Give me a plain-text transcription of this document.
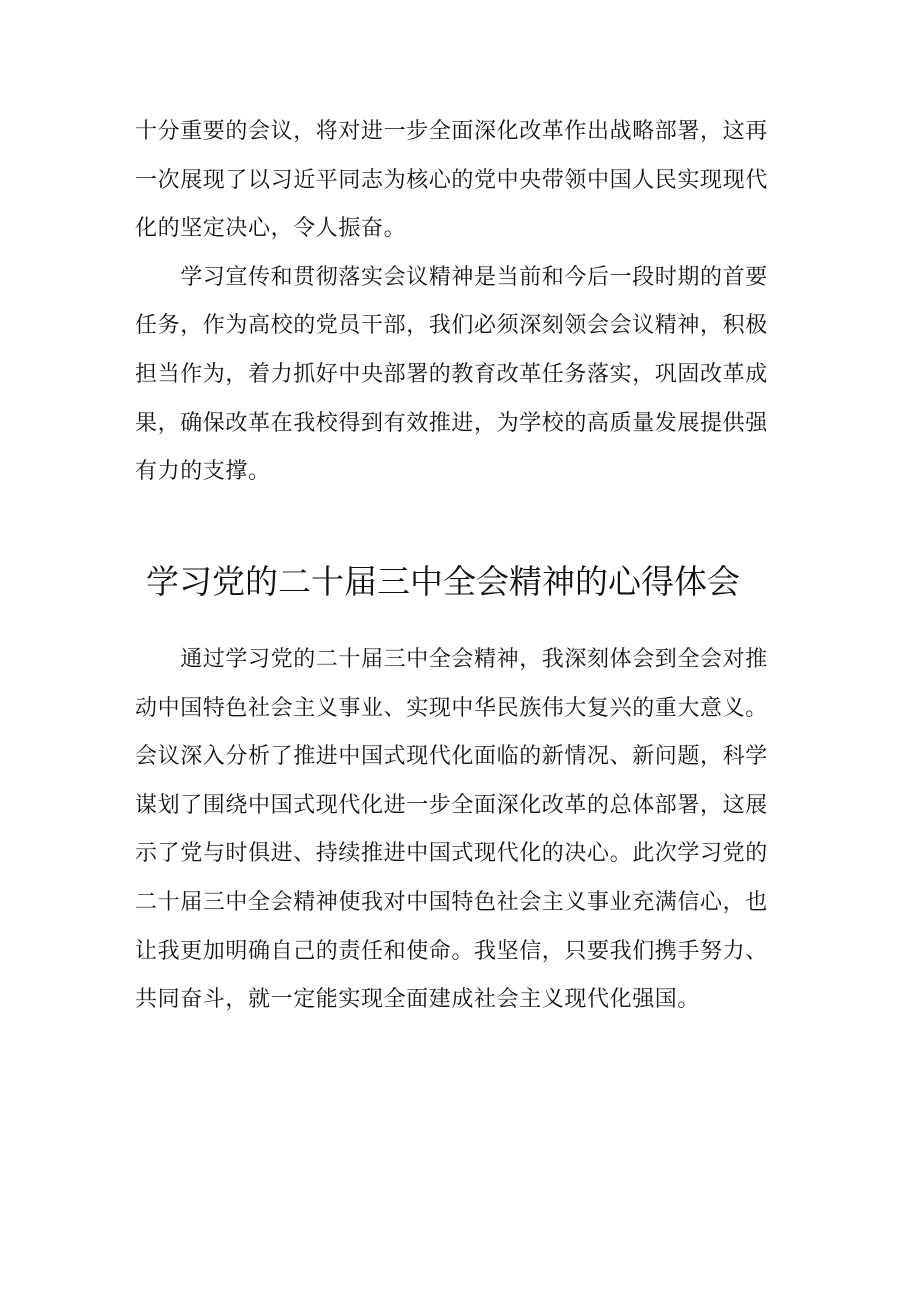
十分重要的会议，将对进一步全面深化改革作出战略部署，这再
一次展现了以习近平同志为核心的党中央带领中国人民实现现代
化的坚定决心，令人振奋。
　　学习宣传和贯彻落实会议精神是当前和今后一段时期的首要
任务，作为高校的党员干部，我们必须深刻领会会议精神，积极
担当作为，着力抓好中央部署的教育改革任务落实，巩固改革成
果，确保改革在我校得到有效推进，为学校的高质量发展提供强
有力的支撑。
学习党的二十届三中全会精神的心得体会
　　通过学习党的二十届三中全会精神，我深刻体会到全会对推
动中国特色社会主义事业、实现中华民族伟大复兴的重大意义。
会议深入分析了推进中国式现代化面临的新情况、新问题，科学
谋划了围绕中国式现代化进一步全面深化改革的总体部署，这展
示了党与时俱进、持续推进中国式现代化的决心。此次学习党的
二十届三中全会精神使我对中国特色社会主义事业充满信心，也
让我更加明确自己的责任和使命。我坚信，只要我们携手努力、
共同奋斗，就一定能实现全面建成社会主义现代化强国。
